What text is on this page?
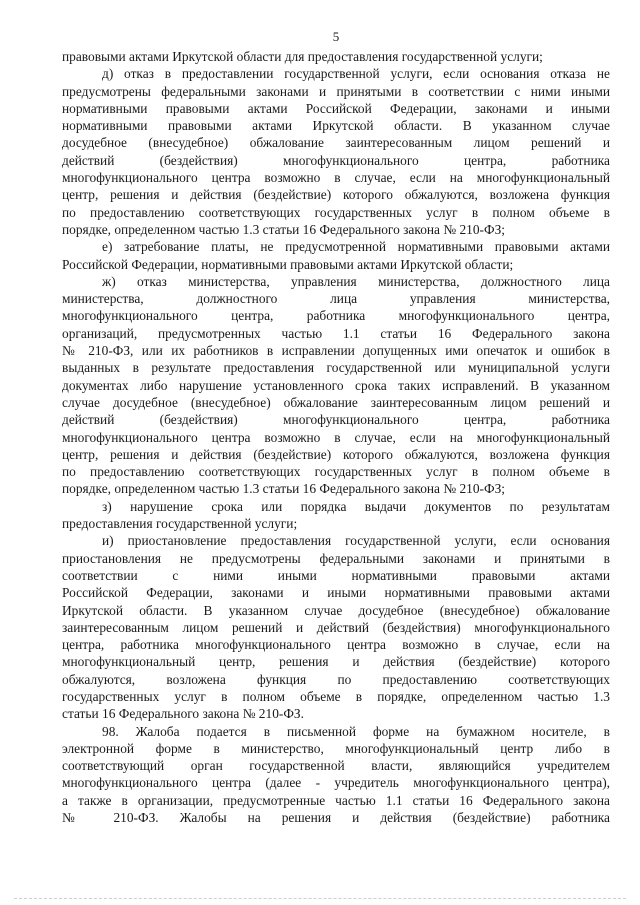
5
правовыми актами Иркутской области для предоставления государственной услуги;
д) отказ в предоставлении государственной услуги, если основания отказа не
предусмотрены федеральными законами и принятыми в соответствии с ними иными
нормативными правовыми актами Российской Федерации, законами и иными
нормативными правовыми актами Иркутской области. В указанном случае
досудебное (внесудебное) обжалование заинтересованным лицом решений и
действий (бездействия) многофункционального центра, работника
многофункционального центра возможно в случае, если на многофункциональный
центр, решения и действия (бездействие) которого обжалуются, возложена функция
по предоставлению соответствующих государственных услуг в полном объеме в
порядке, определенном частью 1.3 статьи 16 Федерального закона № 210-ФЗ;
е) затребование платы, не предусмотренной нормативными правовыми актами
Российской Федерации, нормативными правовыми актами Иркутской области;
ж) отказ министерства, управления министерства, должностного лица
министерства, должностного лица управления министерства,
многофункционального центра, работника многофункционального центра,
организаций, предусмотренных частью 1.1 статьи 16 Федерального закона
№ 210-ФЗ, или их работников в исправлении допущенных ими опечаток и ошибок в
выданных в результате предоставления государственной или муниципальной услуги
документах либо нарушение установленного срока таких исправлений. В указанном
случае досудебное (внесудебное) обжалование заинтересованным лицом решений и
действий (бездействия) многофункционального центра, работника
многофункционального центра возможно в случае, если на многофункциональный
центр, решения и действия (бездействие) которого обжалуются, возложена функция
по предоставлению соответствующих государственных услуг в полном объеме в
порядке, определенном частью 1.3 статьи 16 Федерального закона № 210-ФЗ;
з) нарушение срока или порядка выдачи документов по результатам
предоставления государственной услуги;
и) приостановление предоставления государственной услуги, если основания
приостановления не предусмотрены федеральными законами и принятыми в
соответствии с ними иными нормативными правовыми актами
Российской Федерации, законами и иными нормативными правовыми актами
Иркутской области. В указанном случае досудебное (внесудебное) обжалование
заинтересованным лицом решений и действий (бездействия) многофункционального
центра, работника многофункционального центра возможно в случае, если на
многофункциональный центр, решения и действия (бездействие) которого
обжалуются, возложена функция по предоставлению соответствующих
государственных услуг в полном объеме в порядке, определенном частью 1.3
статьи 16 Федерального закона № 210-ФЗ.
98. Жалоба подается в письменной форме на бумажном носителе, в
электронной форме в министерство, многофункциональный центр либо в
соответствующий орган государственной власти, являющийся учредителем
многофункционального центра (далее - учредитель многофункционального центра),
а также в организации, предусмотренные частью 1.1 статьи 16 Федерального закона
№ 210-ФЗ. Жалобы на решения и действия (бездействие) работника
